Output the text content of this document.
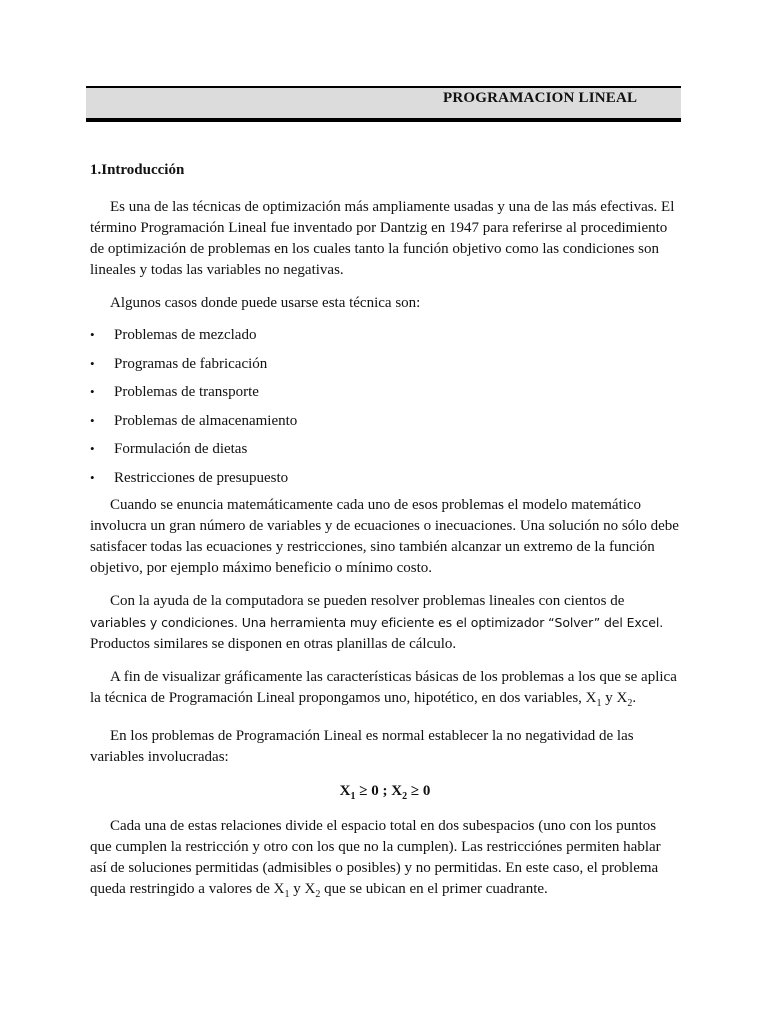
PROGRAMACION LINEAL
1.Introducción

Es una de las técnicas de optimización más ampliamente usadas y una de las más efectivas. El término Programación Lineal fue inventado por Dantzig en 1947 para referirse al procedimiento de optimización de problemas en los cuales tanto la función objetivo como las condiciones son lineales y todas las variables no negativas.

Algunos casos donde puede usarse esta técnica son:

• Problemas de mezclado
• Programas de fabricación
• Problemas de transporte
• Problemas de almacenamiento
• Formulación de dietas
• Restricciones de presupuesto

Cuando se enuncia matemáticamente cada uno de esos problemas el modelo matemático involucra un gran número de variables y de ecuaciones o inecuaciones. Una solución no sólo debe satisfacer todas las ecuaciones y restricciones, sino también alcanzar un extremo de la función objetivo, por ejemplo máximo beneficio o mínimo costo.

Con la ayuda de la computadora se pueden resolver problemas lineales con cientos de variables y condiciones. Una herramienta muy eficiente es el optimizador “Solver” del Excel. Productos similares se disponen en otras planillas de cálculo.

A fin de visualizar gráficamente las características básicas de los problemas a los que se aplica la técnica de Programación Lineal propongamos uno, hipotético, en dos variables, $X_1$ y $X_2$.

En los problemas de Programación Lineal es normal establecer la no negatividad de las variables involucradas:

$X_1 \ge 0$ ; $X_2 \ge 0$

Cada una de estas relaciones divide el espacio total en dos subespacios (uno con los puntos que cumplen la restricción y otro con los que no la cumplen). Las restricciónes permiten hablar así de soluciones permitidas (admisibles o posibles) y no permitidas. En este caso, el problema queda restringido a valores de $X_1$ y $X_2$ que se ubican en el primer cuadrante.
